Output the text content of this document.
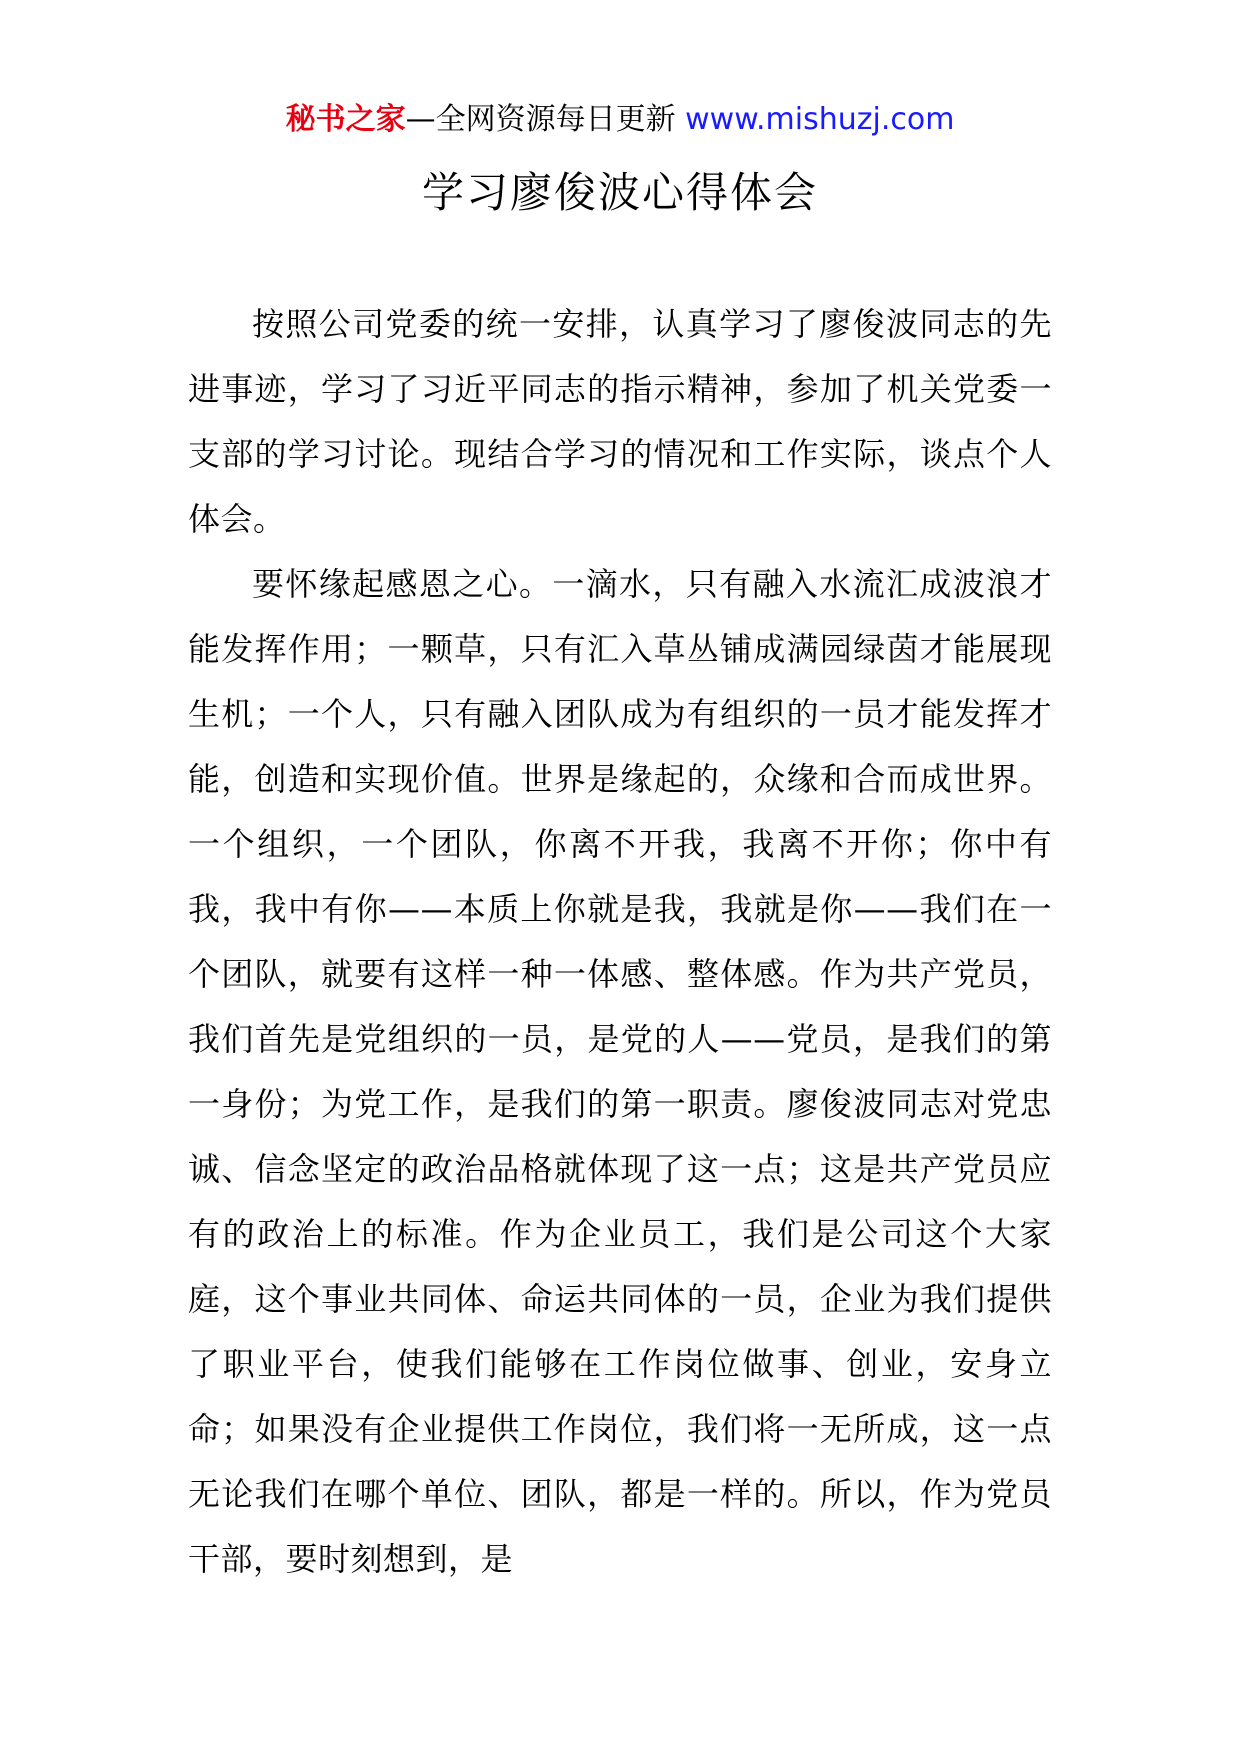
秘书之家—全网资源每日更新 www.mishuzj.com
学习廖俊波心得体会

按照公司党委的统一安排，认真学习了廖俊波同志的先进事迹，学习了习近平同志的指示精神，参加了机关党委一支部的学习讨论。现结合学习的情况和工作实际，谈点个人体会。

要怀缘起感恩之心。一滴水，只有融入水流汇成波浪才能发挥作用；一颗草，只有汇入草丛铺成满园绿茵才能展现生机；一个人，只有融入团队成为有组织的一员才能发挥才能，创造和实现价值。世界是缘起的，众缘和合而成世界。一个组织，一个团队，你离不开我，我离不开你；你中有我，我中有你——本质上你就是我，我就是你——我们在一个团队，就要有这样一种一体感、整体感。作为共产党员，我们首先是党组织的一员，是党的人——党员，是我们的第一身份；为党工作，是我们的第一职责。廖俊波同志对党忠诚、信念坚定的政治品格就体现了这一点；这是共产党员应有的政治上的标准。作为企业员工，我们是公司这个大家庭，这个事业共同体、命运共同体的一员，企业为我们提供了职业平台，使我们能够在工作岗位做事、创业，安身立命；如果没有企业提供工作岗位，我们将一无所成，这一点无论我们在哪个单位、团队，都是一样的。所以，作为党员干部，要时刻想到，是
